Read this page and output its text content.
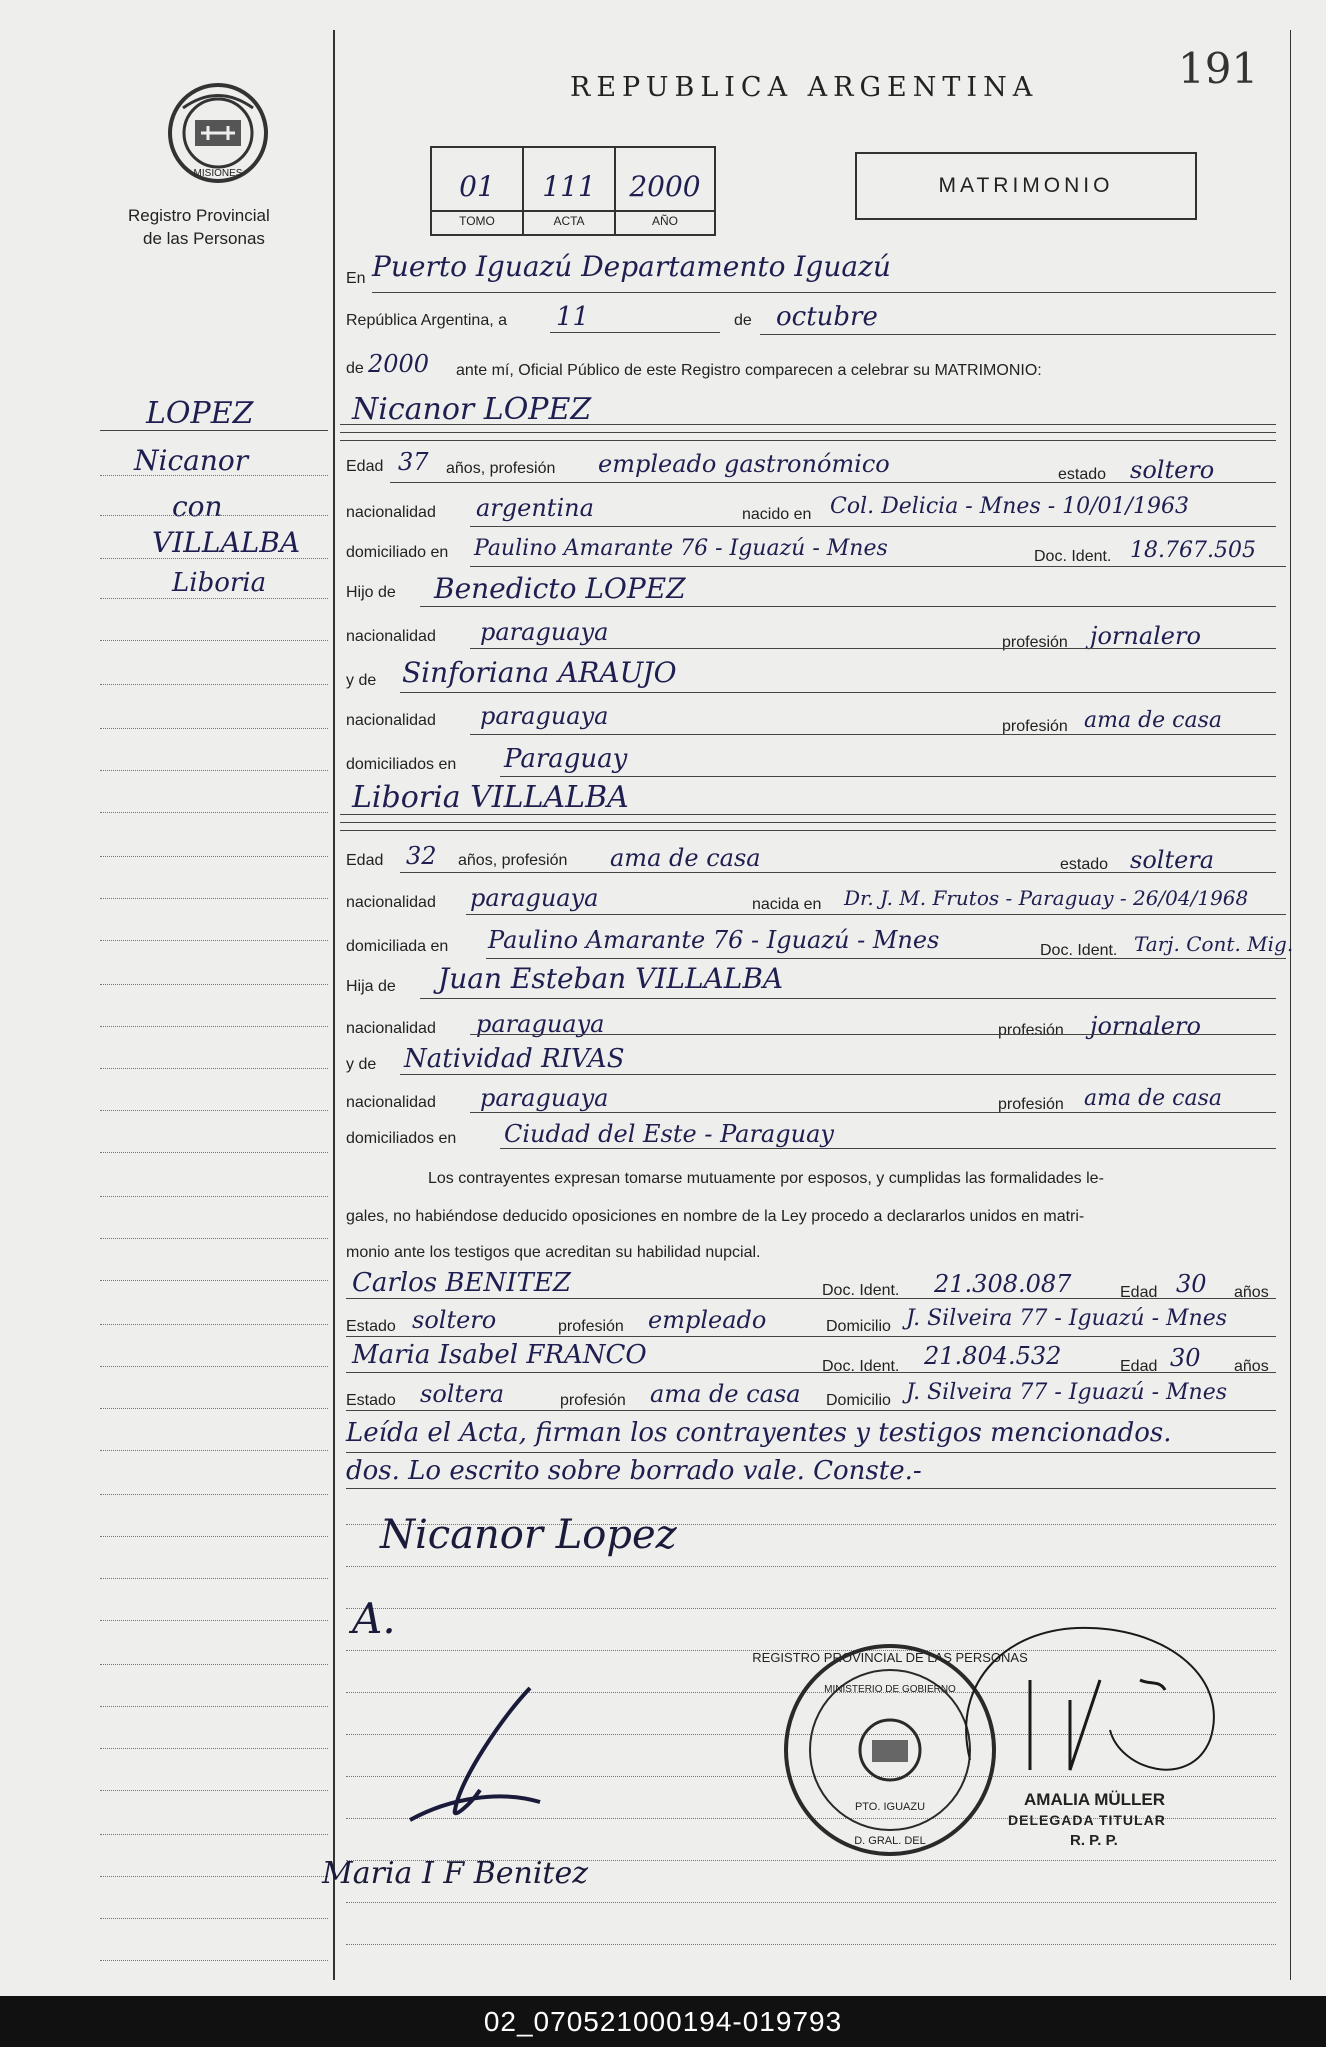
MISIONES
Registro Provincial
de las Personas
REPUBLICA ARGENTINA	191
01	111	2000
TOMO	ACTA	AÑO
MATRIMONIO
LOPEZ
Nicanor
con
VILLALBA
Liboria
En Puerto Iguazú Departamento Iguazú
República Argentina, a 11	de octubre
de 2000 ante mí, Oficial Público de este Registro comparecen a celebrar su MATRIMONIO:
Nicanor LOPEZ
Edad 37 años, profesión empleado gastronómico	estado soltero
nacionalidad argentina	nacido en Col. Delicia - Mnes - 10/01/1963
domiciliado en Paulino Amarante 76 - Iguazú - Mnes	Doc. Ident. 18.767.505
Hijo de Benedicto LOPEZ
nacionalidad paraguaya	profesión jornalero
y de Sinforiana ARAUJO
nacionalidad paraguaya	profesión ama de casa
domiciliados en Paraguay
Liboria VILLALBA
Edad 32 años, profesión ama de casa	estado soltera
nacionalidad paraguaya	nacida en Dr. J. M. Frutos - Paraguay - 26/04/1968
domiciliada en Paulino Amarante 76 - Iguazú - Mnes	Doc. Ident. Tarj. Cont. Mig.
Hija de Juan Esteban VILLALBA
nacionalidad paraguaya	profesión jornalero
y de Natividad RIVAS
nacionalidad paraguaya	profesión ama de casa
domiciliados en Ciudad del Este - Paraguay
Los contrayentes expresan tomarse mutuamente por esposos, y cumplidas las formalidades le-
gales, no habiéndose deducido oposiciones en nombre de la Ley procedo a declararlos unidos en matri-
monio ante los testigos que acreditan su habilidad nupcial.
Carlos BENITEZ	Doc. Ident. 21.308.087	Edad 30 años
Estado soltero	profesión empleado	Domicilio J. Silveira 77 - Iguazú - Mnes
Maria Isabel FRANCO	Doc. Ident. 21.804.532	Edad 30 años
Estado soltera	profesión ama de casa Domicilio J. Silveira 77 - Iguazú - Mnes
Leída el Acta, firman los contrayentes y testigos mencionados.
dos. Lo escrito sobre borrado vale. Conste.-
Nicanor Lopez
A.
Maria I F Benitez
REGISTRO PROVINCIAL DE LAS PERSONAS
MINISTERIO DE GOBIERNO
PTO. IGUAZU
D. GRAL. DEL
AMALIA MÜLLER
DELEGADA TITULAR
R. P. P.
02_070521000194-019793
